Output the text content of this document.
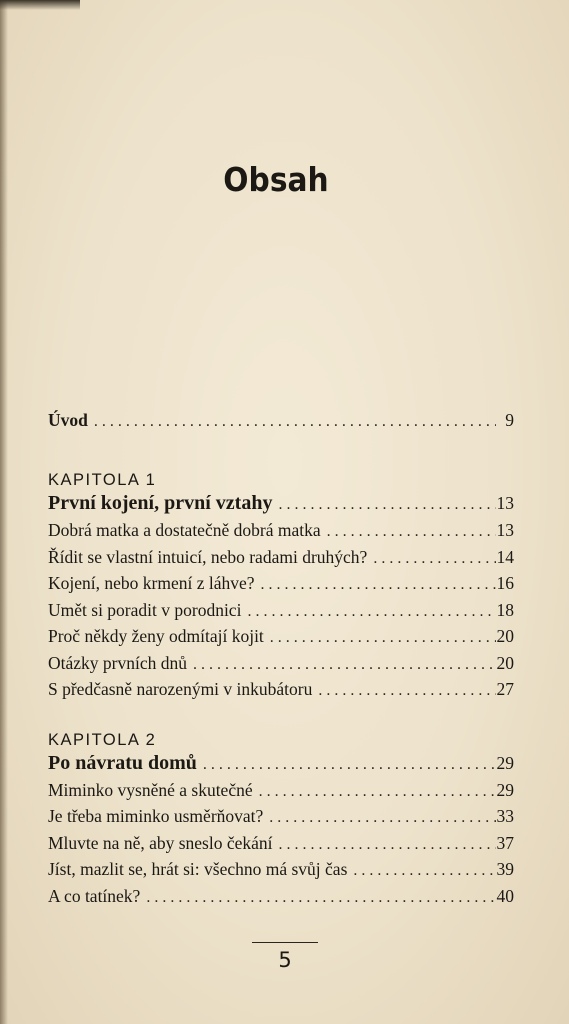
Obsah
Úvod . . .	9
KAPITOLA 1
První kojení, první vztahy . . .	13
Dobrá matka a dostatečně dobrá matka . . .	13
Řídit se vlastní intuicí, nebo radami druhých? . . .	14
Kojení, nebo krmení z láhve? . . .	16
Umět si poradit v porodnici . . .	18
Proč někdy ženy odmítají kojit . . .	20
Otázky prvních dnů . . .	20
S předčasně narozenými v inkubátoru . . .	27
KAPITOLA 2
Po návratu domů . . .	29
Miminko vysněné a skutečné . . .	29
Je třeba miminko usměrňovat? . . .	33
Mluvte na ně, aby sneslo čekání . . .	37
Jíst, mazlit se, hrát si: všechno má svůj čas . . .	39
A co tatínek? . . .	40
5
